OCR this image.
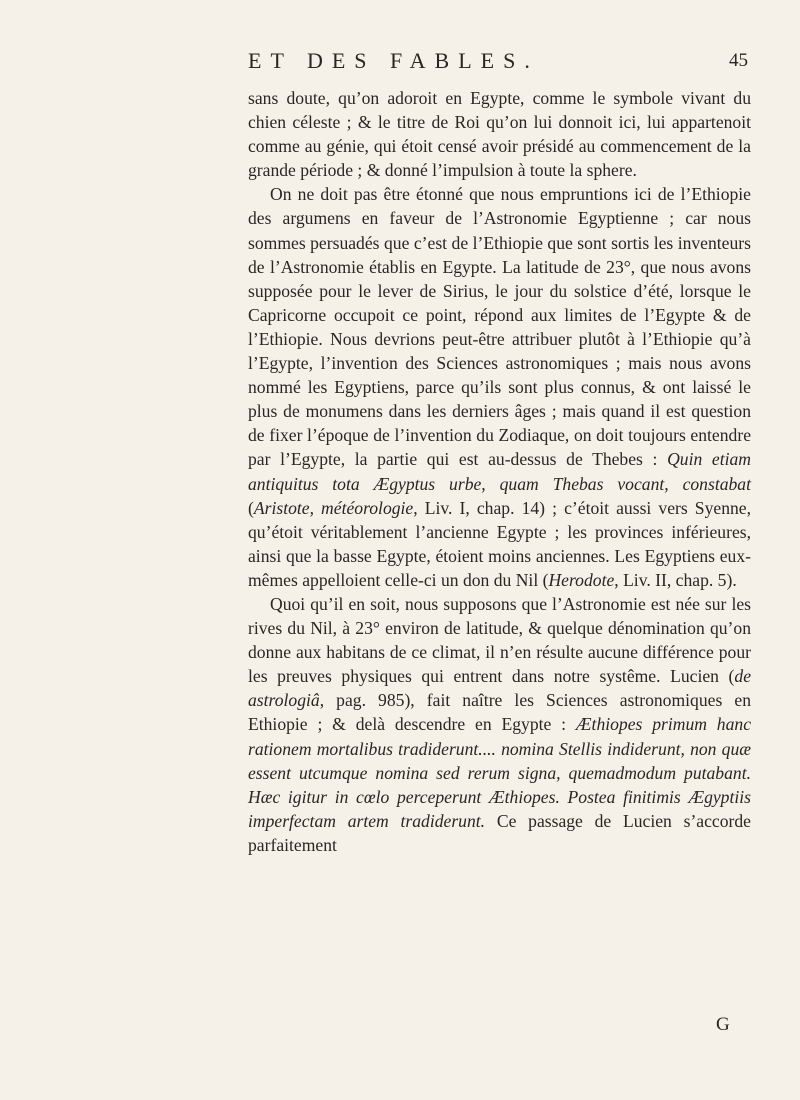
ET DES FABLES.	45

sans doute, qu’on adoroit en Egypte, comme le symbole vivant du chien céleste ; & le titre de Roi qu’on lui donnoit ici, lui appartenoit comme au génie, qui étoit censé avoir présidé au commencement de la grande période ; & donné l’impulsion à toute la sphere.

On ne doit pas être étonné que nous empruntions ici de l’Ethiopie des argumens en faveur de l’Astronomie Egyptienne ; car nous sommes persuadés que c’est de l’Ethiopie que sont sortis les inventeurs de l’Astronomie établis en Egypte. La latitude de 23°, que nous avons supposée pour le lever de Sirius, le jour du solstice d’été, lorsque le Capricorne occupoit ce point, répond aux limites de l’Egypte & de l’Ethiopie. Nous devrions peut-être attribuer plutôt à l’Ethiopie qu’à l’Egypte, l’invention des Sciences astronomiques ; mais nous avons nommé les Egyptiens, parce qu’ils sont plus connus, & ont laissé le plus de monumens dans les derniers âges ; mais quand il est question de fixer l’époque de l’invention du Zodiaque, on doit toujours entendre par l’Egypte, la partie qui est au-dessus de Thebes : Quin etiam antiquitus tota Ægyptus urbe, quam Thebas vocant, constabat (Aristote, météorologie, Liv. I, chap. 14) ; c’étoit aussi vers Syenne, qu’étoit véritablement l’ancienne Egypte ; les provinces inférieures, ainsi que la basse Egypte, étoient moins anciennes. Les Egyptiens eux-mêmes appelloient celle-ci un don du Nil (Herodote, Liv. II, chap. 5).

Quoi qu’il en soit, nous supposons que l’Astronomie est née sur les rives du Nil, à 23° environ de latitude, & quelque dénomination qu’on donne aux habitans de ce climat, il n’en résulte aucune différence pour les preuves physiques qui entrent dans notre systême. Lucien (de astrologiâ, pag. 985), fait naître les Sciences astronomiques en Ethiopie ; & delà descendre en Egypte : Æthiopes primum hanc rationem mortalibus tradiderunt.... nomina Stellis indiderunt, non quæ essent utcumque nomina sed rerum signa, quemadmodum putabant. Hæc igitur in cœlo perceperunt Æthiopes. Postea finitimis Ægyptiis imperfectam artem tradiderunt. Ce passage de Lucien s’accorde parfaitement

G
